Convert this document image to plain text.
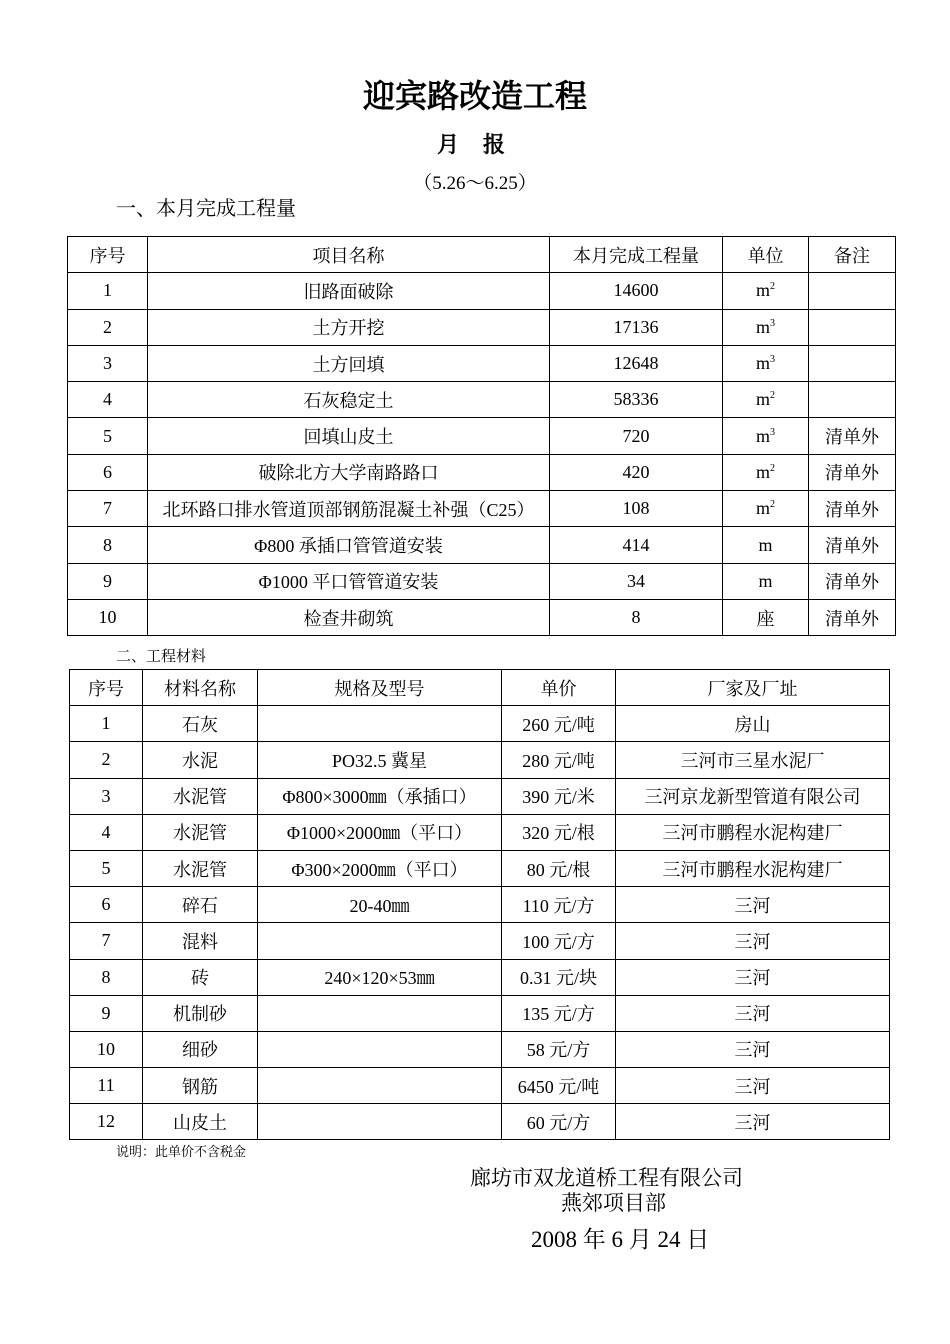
迎宾路改造工程
月 报
（5.26～6.25）
一、本月完成工程量
序号	项目名称	本月完成工程量	单位	备注
1	旧路面破除	14600	$m^2$	
2	土方开挖	17136	$m^3$	
3	土方回填	12648	$m^3$	
4	石灰稳定土	58336	$m^2$	
5	回填山皮土	720	$m^3$	清单外
6	破除北方大学南路路口	420	$m^2$	清单外
7	北环路口排水管道顶部钢筋混凝土补强（C25）	108	$m^2$	清单外
8	Φ800 承插口管管道安装	414	m	清单外
9	Φ1000 平口管管道安装	34	m	清单外
10	检查井砌筑	8	座	清单外
二、工程材料
序号	材料名称	规格及型号	单价	厂家及厂址
1	石灰		260 元/吨	房山
2	水泥	PO32.5 冀星	280 元/吨	三河市三星水泥厂
3	水泥管	Φ800×3000㎜（承插口）	390 元/米	三河京龙新型管道有限公司
4	水泥管	Φ1000×2000㎜（平口）	320 元/根	三河市鹏程水泥构建厂
5	水泥管	Φ300×2000㎜（平口）	80 元/根	三河市鹏程水泥构建厂
6	碎石	20-40㎜	110 元/方	三河
7	混料		100 元/方	三河
8	砖	240×120×53㎜	0.31 元/块	三河
9	机制砂		135 元/方	三河
10	细砂		58 元/方	三河
11	钢筋		6450 元/吨	三河
12	山皮土		60 元/方	三河
说明：此单价不含税金
廊坊市双龙道桥工程有限公司
燕郊项目部
2008 年 6 月 24 日
